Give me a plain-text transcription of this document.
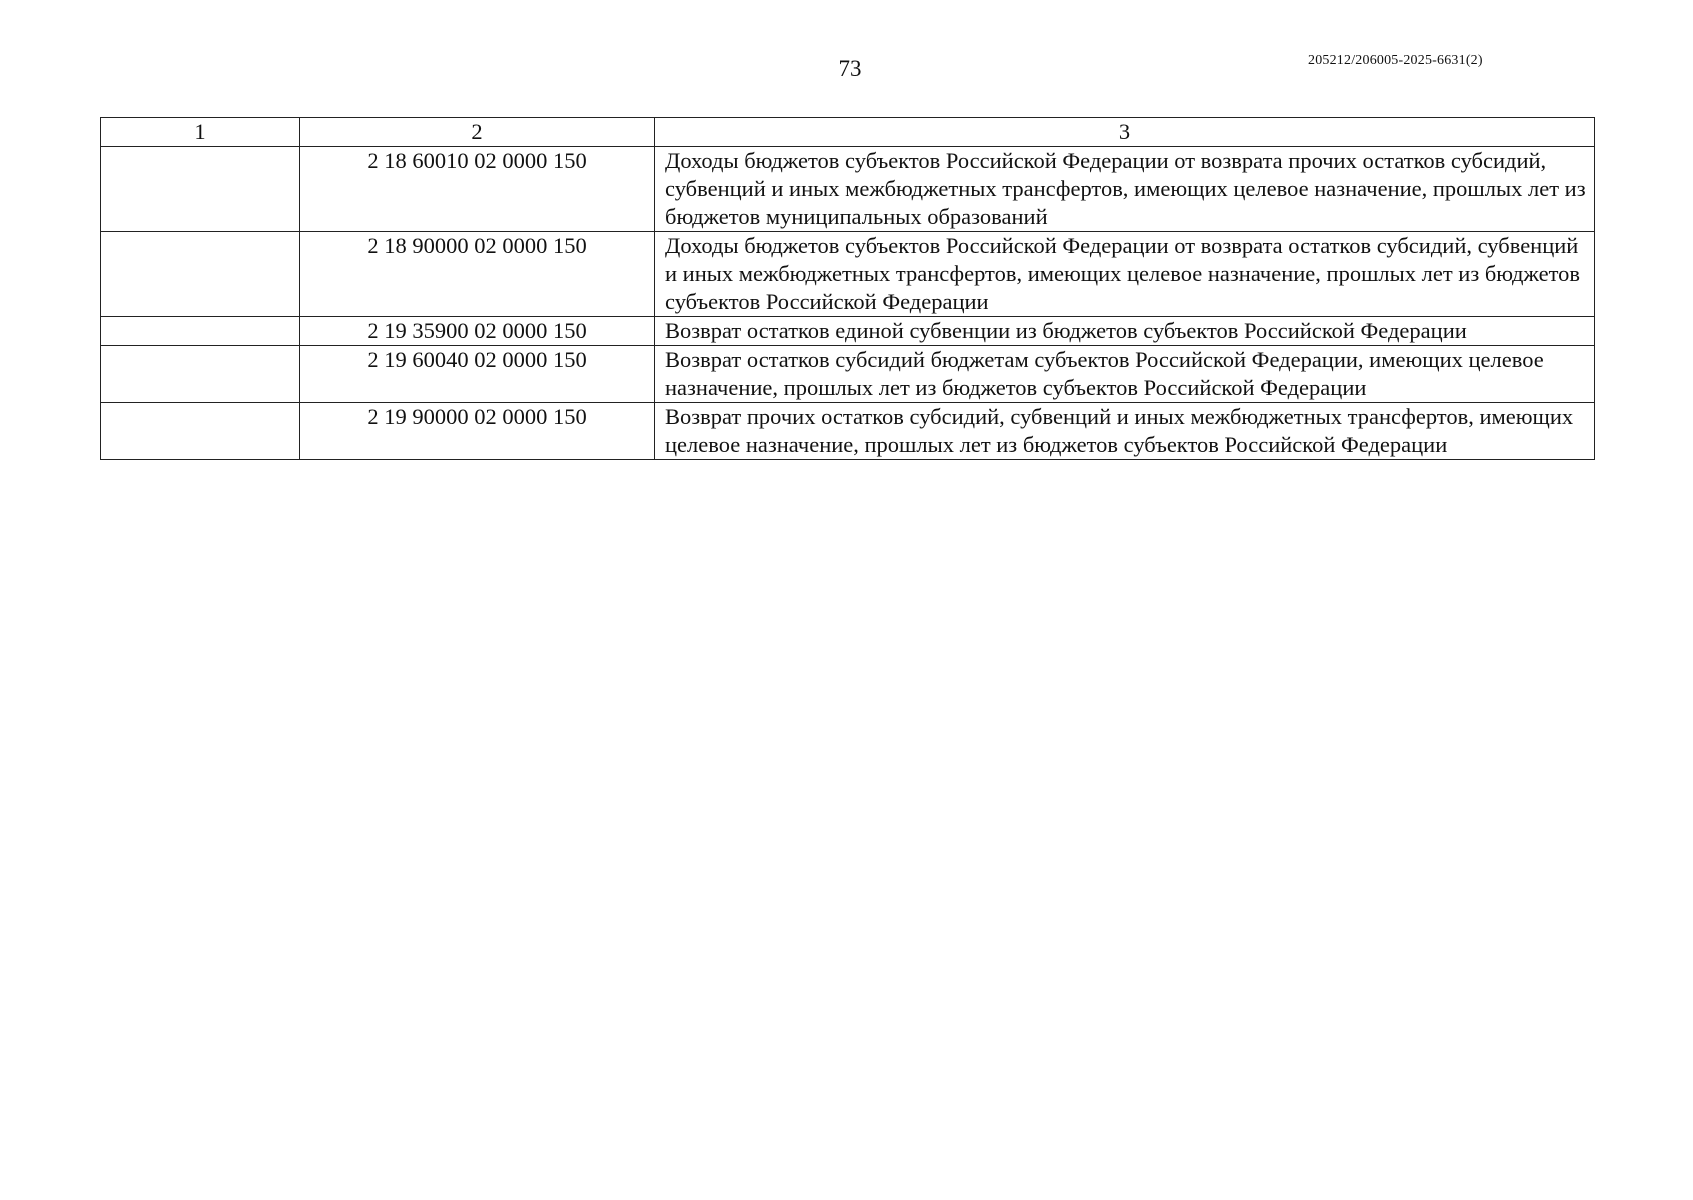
73	205212/206005-2025-6631(2)
1	2	3
	2 18 60010 02 0000 150	Доходы бюджетов субъектов Российской Федерации от возврата прочих остатков субсидий, субвенций и иных межбюджетных трансфертов, имеющих целевое назначение, прошлых лет из бюджетов муниципальных образований
	2 18 90000 02 0000 150	Доходы бюджетов субъектов Российской Федерации от возврата остатков субсидий, субвенций и иных межбюджетных трансфертов, имеющих целевое назначение, прошлых лет из бюджетов субъектов Российской Федерации
	2 19 35900 02 0000 150	Возврат остатков единой субвенции из бюджетов субъектов Российской Федерации
	2 19 60040 02 0000 150	Возврат остатков субсидий бюджетам субъектов Российской Федерации, имеющих целевое назначение, прошлых лет из бюджетов субъектов Российской Федерации
	2 19 90000 02 0000 150	Возврат прочих остатков субсидий, субвенций и иных межбюджетных трансфертов, имеющих целевое назначение, прошлых лет из бюджетов субъектов Российской Федерации
